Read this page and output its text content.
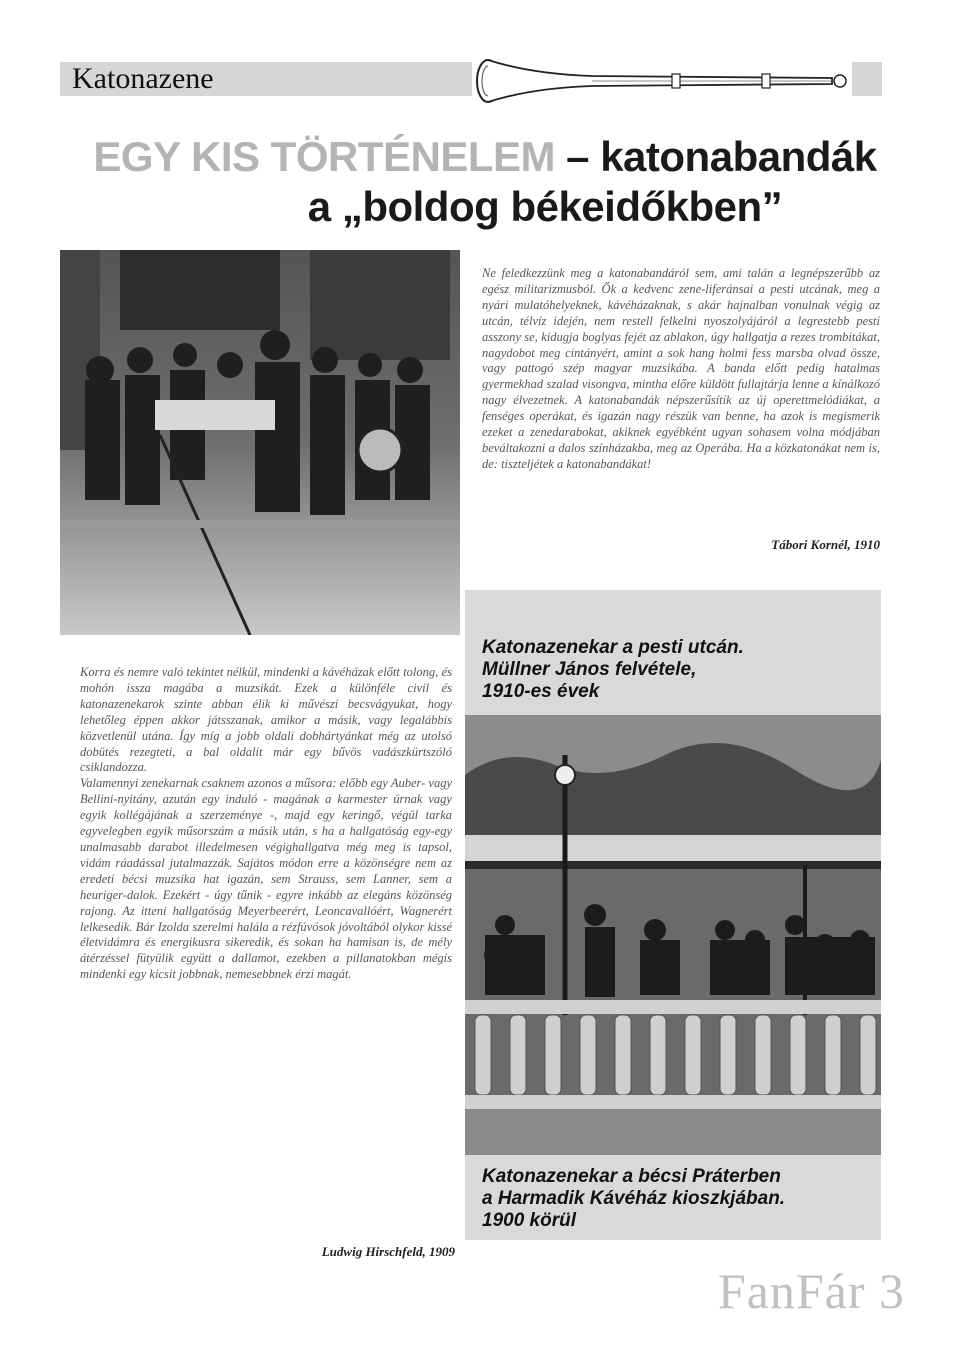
Katonazene
EGY KIS TÖRTÉNELEM – katonabandák
a „boldog békeidőkben”
Ne feledkezzünk meg a katonabandáról sem, ami talán a legnépszerűbb az egész militarizmusból. Ők a kedvenc zene-liferánsai a pesti utcának, meg a nyári mulatóhelyeknek, kávéházaknak, s akár hajnalban vonulnak végig az utcán, télvíz idején, nem restell felkelni nyoszolyájáról a legrestebb pesti asszony se, kidugja boglyas fejét az ablakon, úgy hallgatja a rezes trombitákat, nagydobot meg cintányért, amint a sok hang holmi fess marsba olvad össze, vagy pattogó szép magyar muzsikába. A banda előtt pedig hatalmas gyermekhad szalad visongva, mintha előre küldött fullajtárja lenne a kínálkozó nagy élvezetnek. A katonabandák népszerűsítik az új operettmelódiákat, a fenséges operákat, és igazán nagy részük van benne, ha azok is megismerik ezeket a zenedarabokat, akiknek egyébként ugyan sohasem volna módjában beváltakozni a dalos színházakba, meg az Operába. Ha a közkatonákat nem is, de: tiszteljétek a katonabandákat!
Tábori Kornél, 1910
Katonazenekar a pesti utcán.
Müllner János felvétele,
1910-es évek
Korra és nemre való tekintet nélkül, mindenki a kávéházak előtt tolong, és mohón issza magába a muzsikát. Ezek a különféle civil és katonazenekarok szinte abban élik ki művészi becsvágyukat, hogy lehetőleg éppen akkor játsszanak, amikor a másik, vagy legalábbis közvetlenül utána. Így míg a jobb oldali dobhártyánkat még az utolsó dobütés rezegteti, a bal oldalit már egy bűvös vadászkürtszóló csiklandozza.
Valamennyi zenekarnak csaknem azonos a műsora: előbb egy Auber- vagy Bellini-nyitány, azután egy induló - magának a karmester úrnak vagy egyik kollégájának a szerzeménye -, majd egy keringő, végül tarka egyvelegben egyik műsorszám a másik után, s ha a hallgatóság egy-egy unalmasabb darabot illedelmesen végighallgatva még meg is tapsol, vidám ráadással jutalmazzák. Sajátos módon erre a közönségre nem az eredeti bécsi muzsika hat igazán, sem Strauss, sem Lanner, sem a heuriger-dalok. Ezekért - úgy tűnik - egyre inkább az elegáns közönség rajong. Az itteni hallgatóság Meyerbeerért, Leoncavallóért, Wagnerért lelkesedik. Bár Izolda szerelmi halála a rézfúvósok jóvoltából olykor kissé életvidámra és energikusra sikeredik, és sokan ha hamisan is, de mély átérzéssel fütyülik együtt a dallamot, ezekben a pillanatokban mégis mindenki egy kicsit jobbnak, nemesebbnek érzi magát.
Ludwig Hirschfeld, 1909
Katonazenekar a bécsi Práterben
a Harmadik Kávéház kioszkjában.
1900 körül
FanFár 3
